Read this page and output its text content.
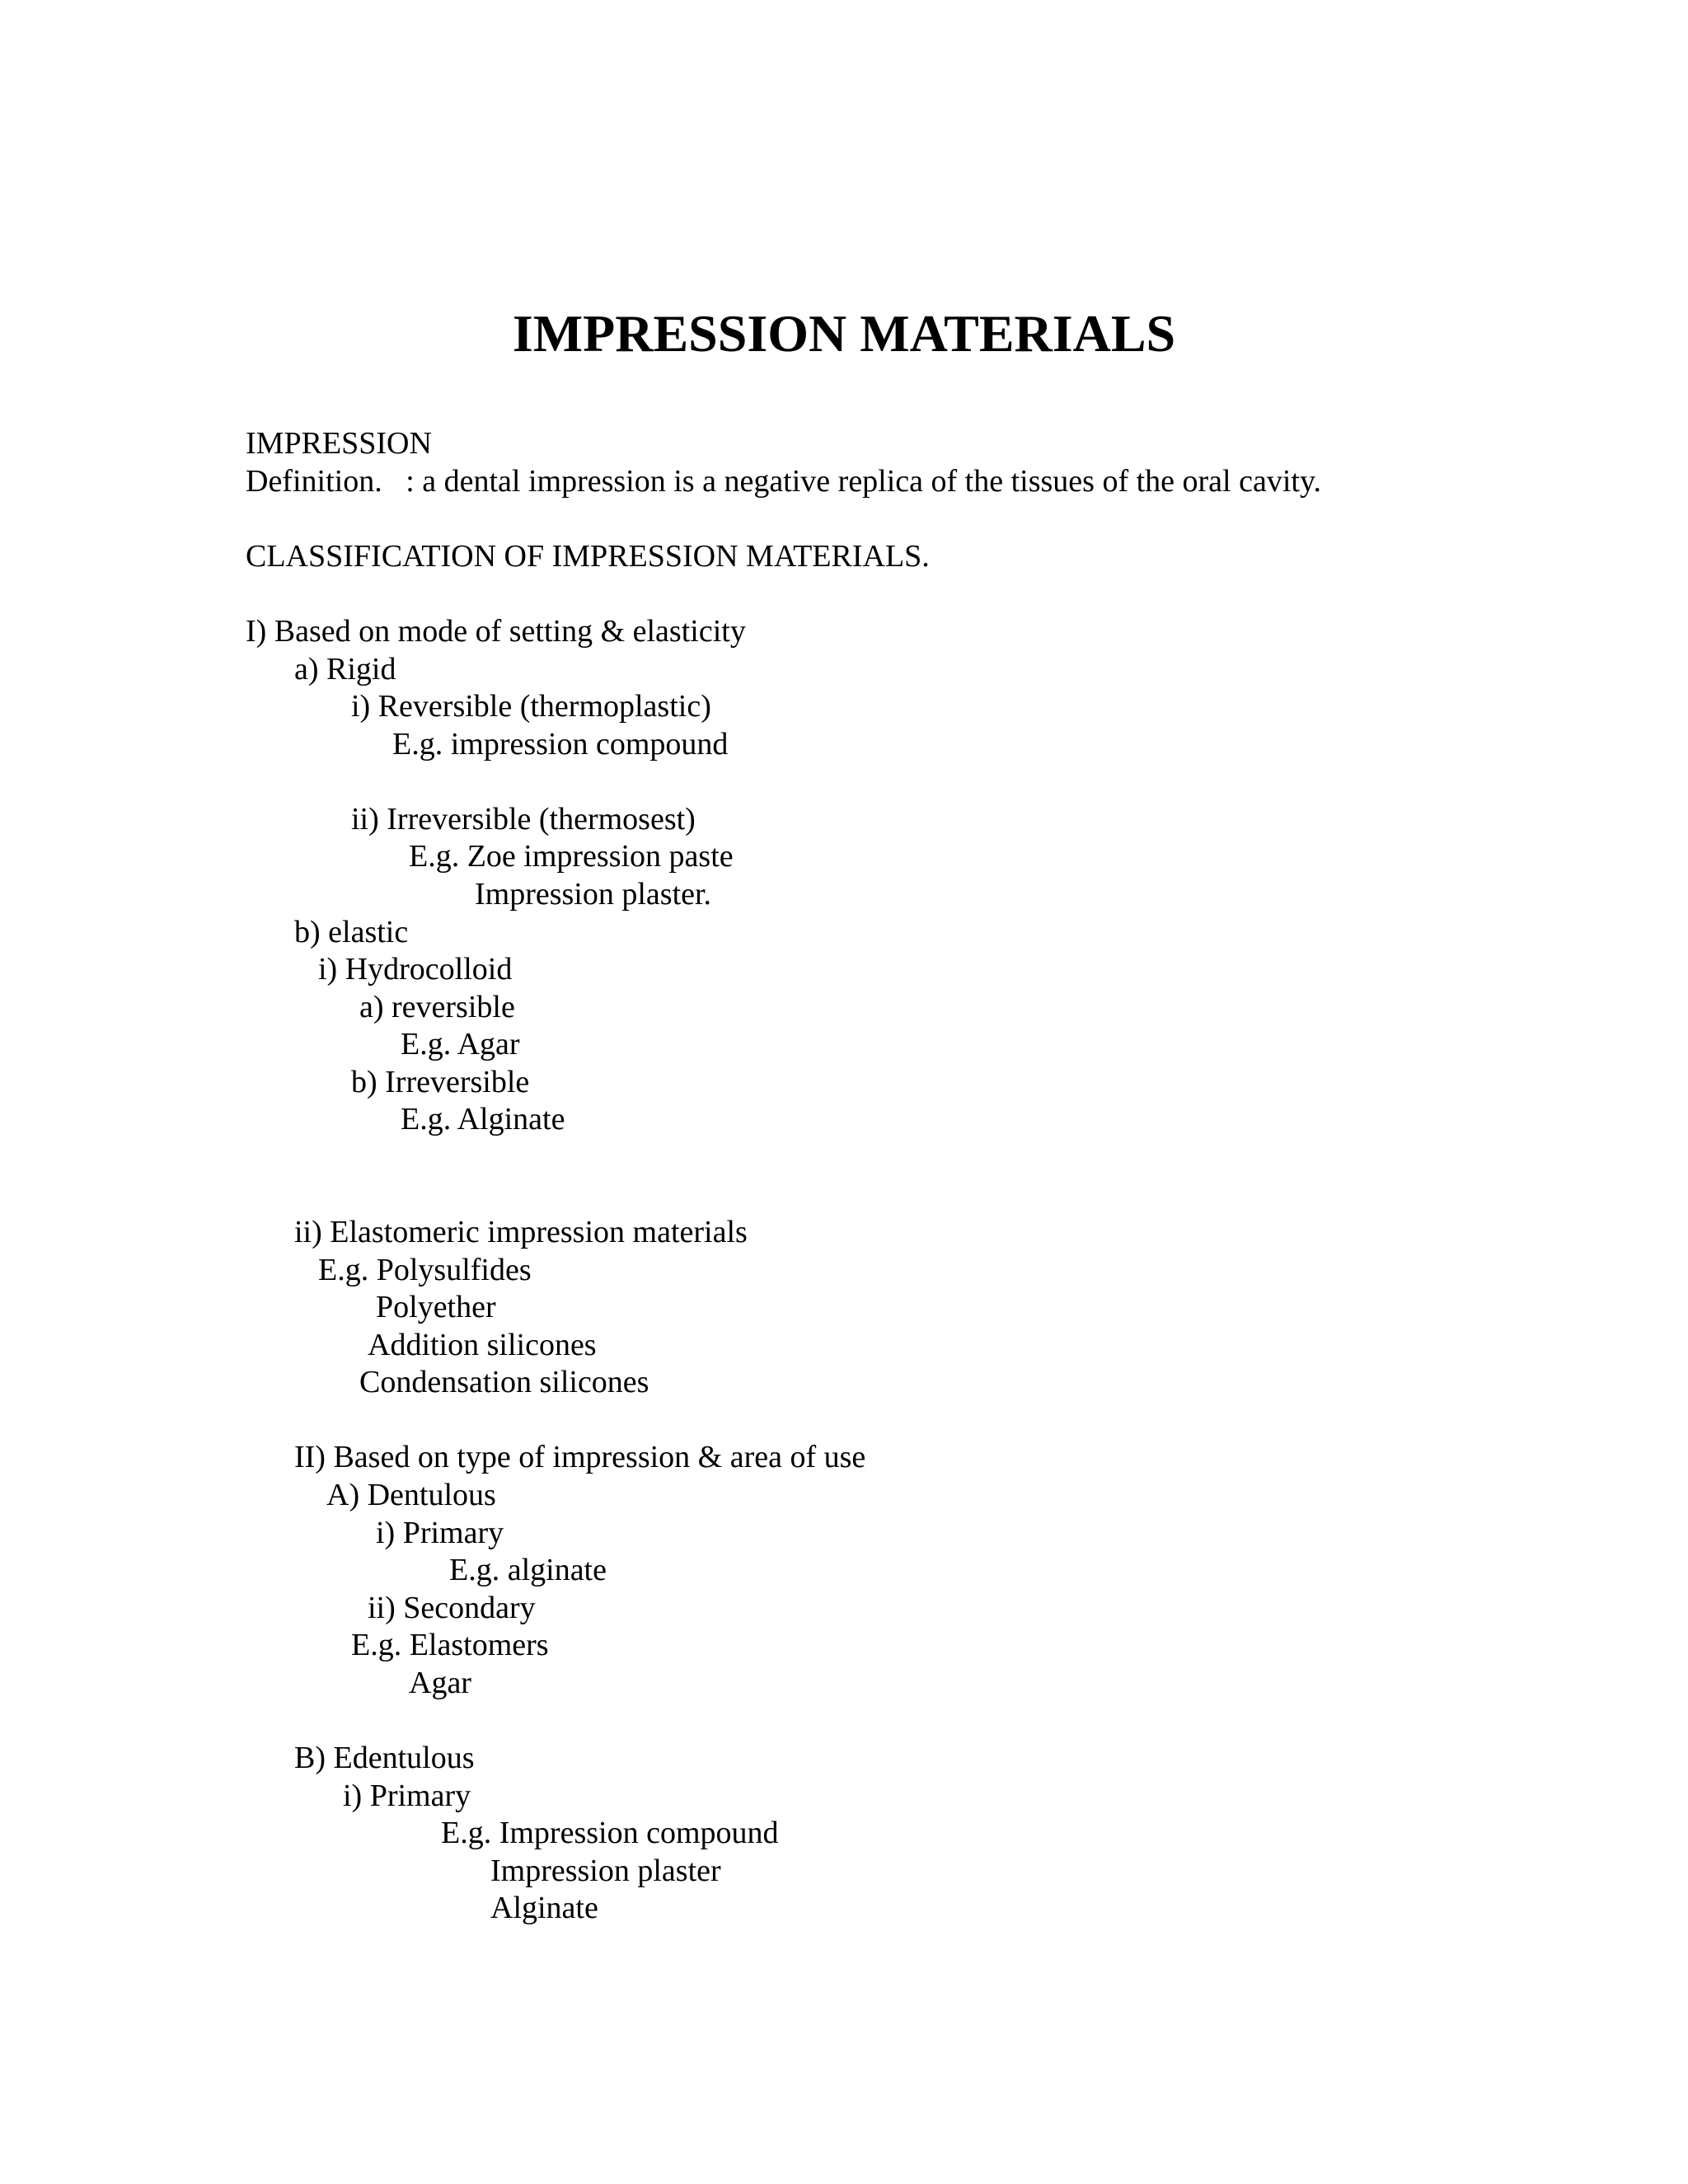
IMPRESSION MATERIALS
IMPRESSION
Definition.   : a dental impression is a negative replica of the tissues of the oral cavity.
CLASSIFICATION OF IMPRESSION MATERIALS.
I) Based on mode of setting & elasticity
a) Rigid
i) Reversible (thermoplastic)
E.g. impression compound
ii) Irreversible (thermosest)
E.g. Zoe impression paste
Impression plaster.
b) elastic
i) Hydrocolloid
a) reversible
E.g. Agar
b) Irreversible
E.g. Alginate
ii) Elastomeric impression materials
E.g. Polysulfides
Polyether
Addition silicones
Condensation silicones
II) Based on type of impression & area of use
A) Dentulous
i) Primary
E.g. alginate
ii) Secondary
E.g. Elastomers
Agar
B) Edentulous
i) Primary
E.g. Impression compound
Impression plaster
Alginate
